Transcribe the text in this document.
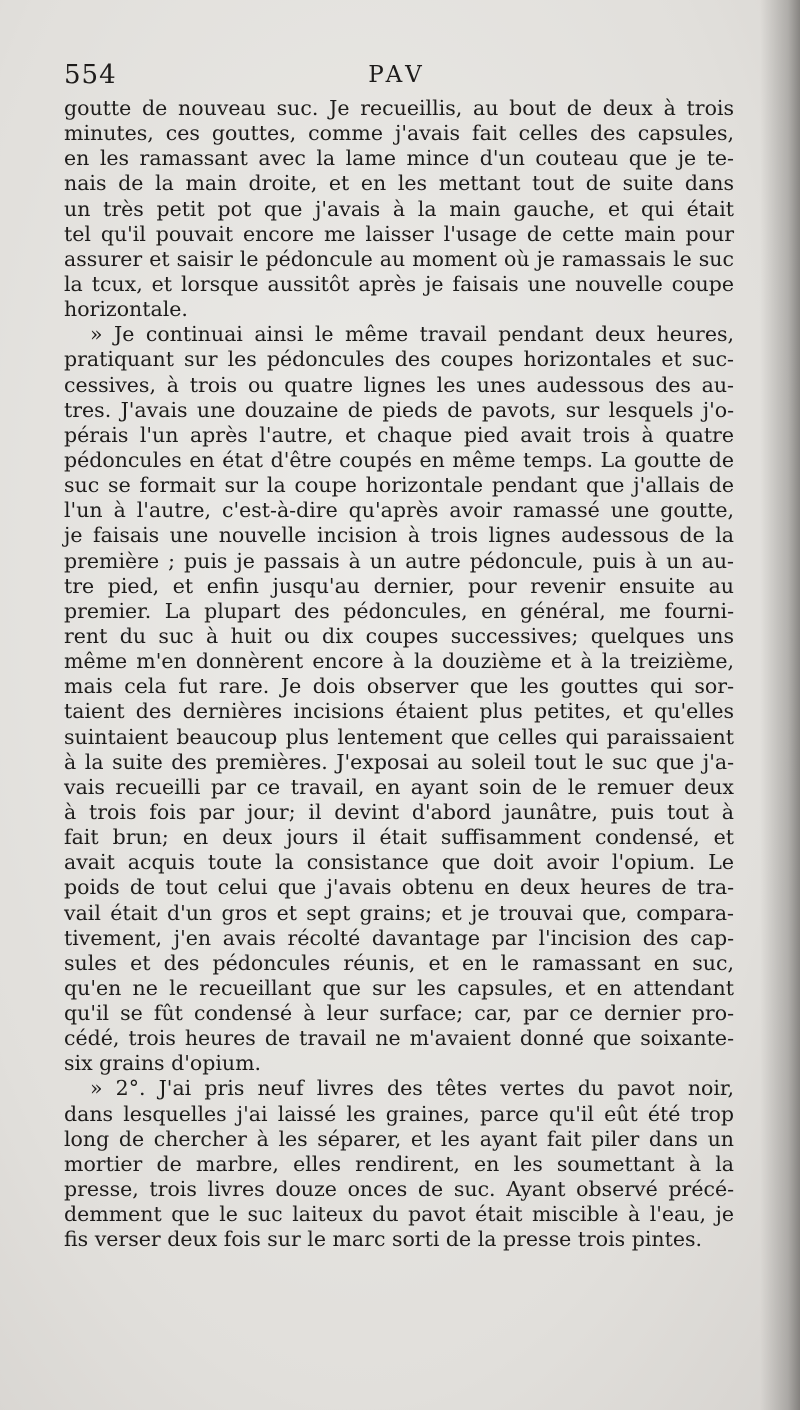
554	PAV
goutte de nouveau suc. Je recueillis, au bout de deux à trois
minutes, ces gouttes, comme j'avais fait celles des capsules,
en les ramassant avec la lame mince d'un couteau que je te-
nais de la main droite, et en les mettant tout de suite dans
un très petit pot que j'avais à la main gauche, et qui était
tel qu'il pouvait encore me laisser l'usage de cette main pour
assurer et saisir le pédoncule au moment où je ramassais le suc
la tcux, et lorsque aussitôt après je faisais une nouvelle coupe
horizontale.
» Je continuai ainsi le même travail pendant deux heures,
pratiquant sur les pédoncules des coupes horizontales et suc-
cessives, à trois ou quatre lignes les unes audessous des au-
tres. J'avais une douzaine de pieds de pavots, sur lesquels j'o-
pérais l'un après l'autre, et chaque pied avait trois à quatre
pédoncules en état d'être coupés en même temps. La goutte de
suc se formait sur la coupe horizontale pendant que j'allais de
l'un à l'autre, c'est-à-dire qu'après avoir ramassé une goutte,
je faisais une nouvelle incision à trois lignes audessous de la
première ; puis je passais à un autre pédoncule, puis à un au-
tre pied, et enfin jusqu'au dernier, pour revenir ensuite au
premier. La plupart des pédoncules, en général, me fourni-
rent du suc à huit ou dix coupes successives; quelques uns
même m'en donnèrent encore à la douzième et à la treizième,
mais cela fut rare. Je dois observer que les gouttes qui sor-
taient des dernières incisions étaient plus petites, et qu'elles
suintaient beaucoup plus lentement que celles qui paraissaient
à la suite des premières. J'exposai au soleil tout le suc que j'a-
vais recueilli par ce travail, en ayant soin de le remuer deux
à trois fois par jour; il devint d'abord jaunâtre, puis tout à
fait brun; en deux jours il était suffisamment condensé, et
avait acquis toute la consistance que doit avoir l'opium. Le
poids de tout celui que j'avais obtenu en deux heures de tra-
vail était d'un gros et sept grains; et je trouvai que, compara-
tivement, j'en avais récolté davantage par l'incision des cap-
sules et des pédoncules réunis, et en le ramassant en suc,
qu'en ne le recueillant que sur les capsules, et en attendant
qu'il se fût condensé à leur surface; car, par ce dernier pro-
cédé, trois heures de travail ne m'avaient donné que soixante-
six grains d'opium.
» 2°. J'ai pris neuf livres des têtes vertes du pavot noir,
dans lesquelles j'ai laissé les graines, parce qu'il eût été trop
long de chercher à les séparer, et les ayant fait piler dans un
mortier de marbre, elles rendirent, en les soumettant à la
presse, trois livres douze onces de suc. Ayant observé précé-
demment que le suc laiteux du pavot était miscible à l'eau, je
fis verser deux fois sur le marc sorti de la presse trois pintes.
